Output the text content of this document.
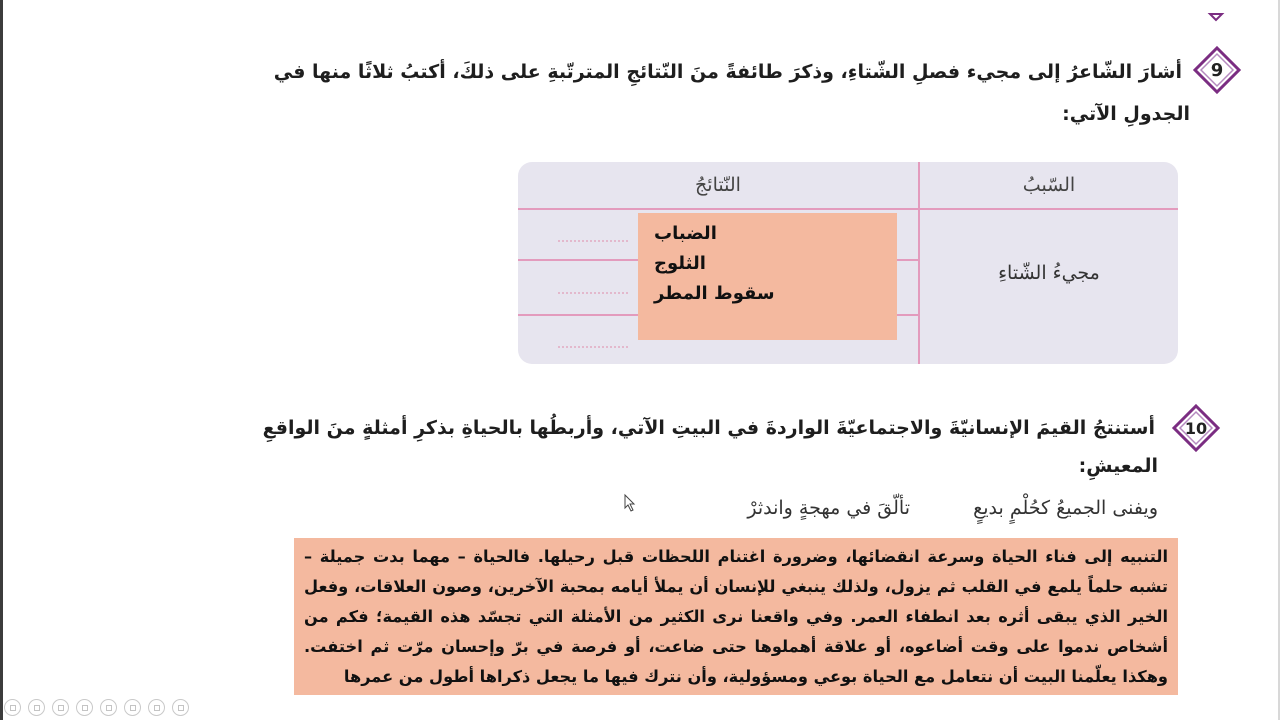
9
أشارَ الشّاعرُ إلى مجيء فصلِ الشّتاءِ، وذكرَ طائفةً منَ النّتائجِ المترتّبةِ على ذلكَ، أكتبُ ثلاثًا منها في
الجدولِ الآتي:
السّببُ
النّتائجُ
مجيءُ الشّتاءِ
الضباب
الثلوج
سقوط المطر
10
أستنتجُ القيمَ الإنسانيّةَ والاجتماعيّةَ الواردةَ في البيتِ الآتي، وأربطُها بالحياةِ بذكرِ أمثلةٍ منَ الواقعِ
المعيشِ:
ويفنى الجميعُ كحُلْمٍ بديعٍ
تألّقَ في مهجةٍ واندثرْ
التنبيه إلى فناء الحياة وسرعة انقضائها، وضرورة اغتنام اللحظات قبل رحيلها. فالحياة – مهما بدت جميلة – تشبه حلماً يلمع في القلب ثم يزول، ولذلك ينبغي للإنسان أن يملأ أيامه بمحبة الآخرين، وصون العلاقات، وفعل الخير الذي يبقى أثره بعد انطفاء العمر. وفي واقعنا نرى الكثير من الأمثلة التي تجسّد هذه القيمة؛ فكم من أشخاص ندموا على وقت أضاعوه، أو علاقة أهملوها حتى ضاعت، أو فرصة في برّ وإحسان مرّت ثم اختفت. وهكذا يعلّمنا البيت أن نتعامل مع الحياة بوعي ومسؤولية، وأن نترك فيها ما يجعل ذكراها أطول من عمرها
